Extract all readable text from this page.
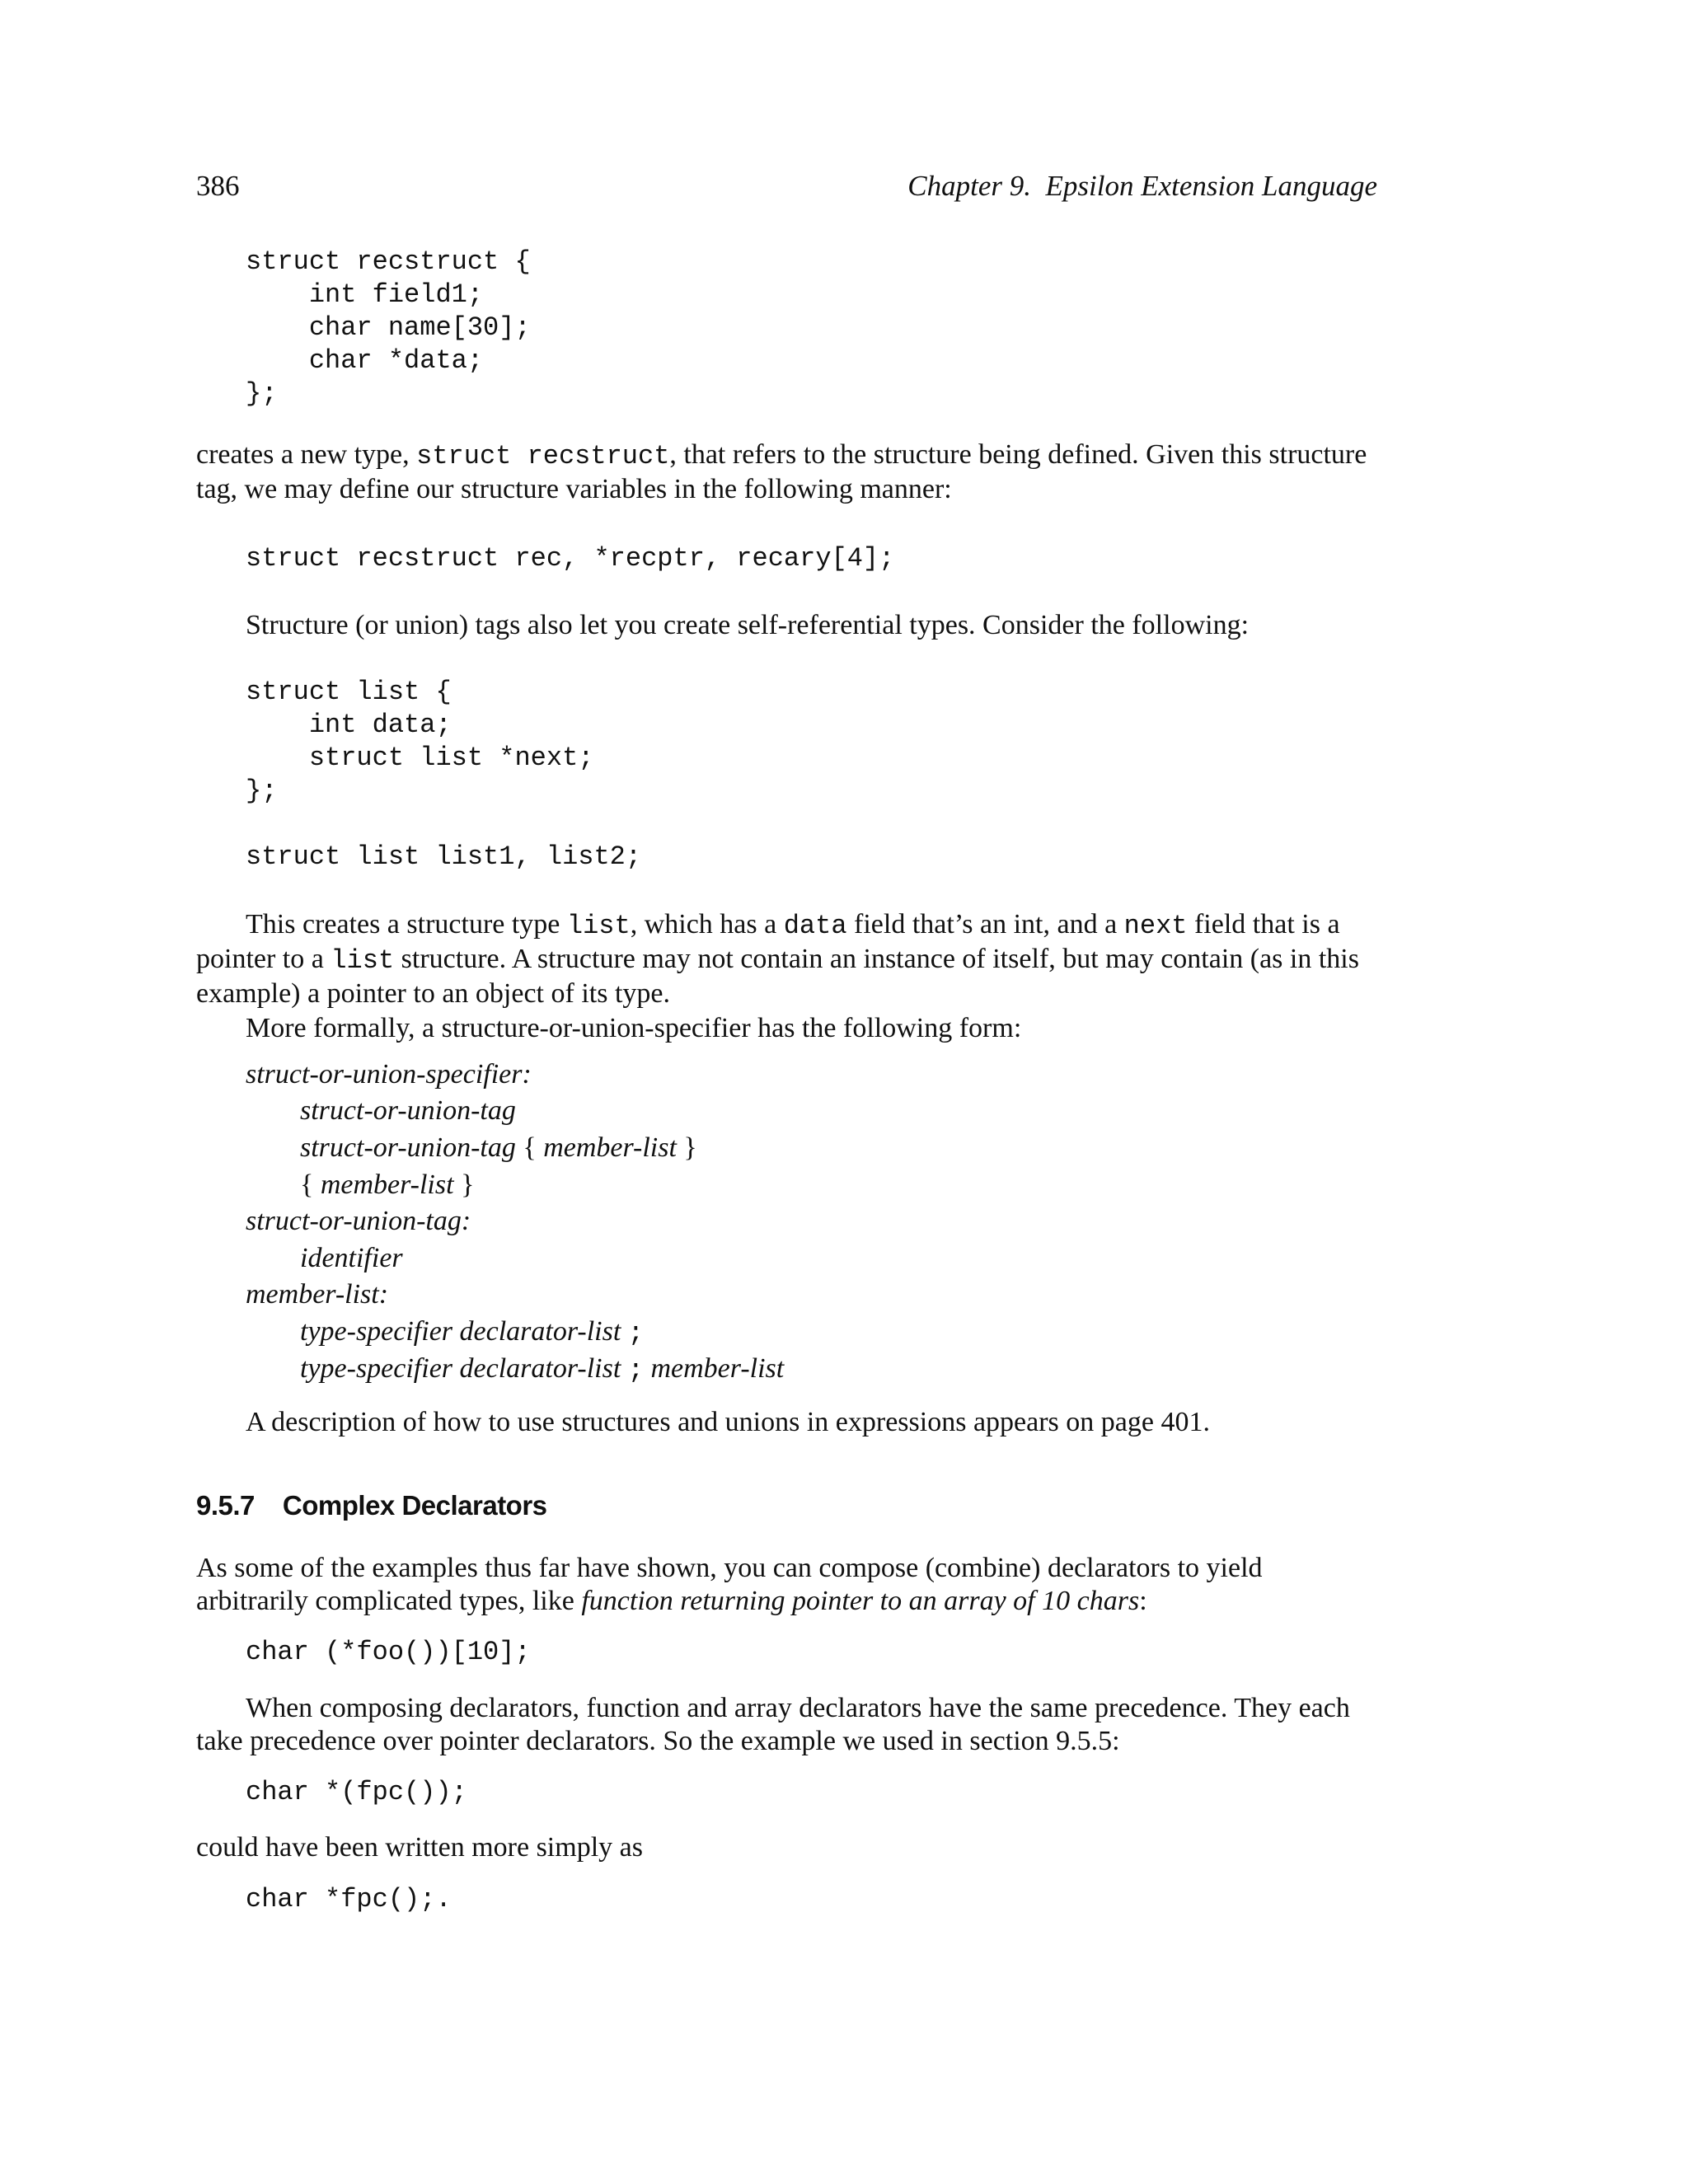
386	Chapter 9.  Epsilon Extension Language
struct recstruct {
int field1;
char name[30];
char *data;
};

creates a new type, struct recstruct, that refers to the structure being defined. Given this structure tag, we may define our structure variables in the following manner:

struct recstruct rec, *recptr, recary[4];

Structure (or union) tags also let you create self-referential types. Consider the following:

struct list {
int data;
struct list *next;
};
struct list list1, list2;

This creates a structure type list, which has a data field that’s an int, and a next field that is a pointer to a list structure. A structure may not contain an instance of itself, but may contain (as in this example) a pointer to an object of its type.

More formally, a structure-or-union-specifier has the following form:

struct-or-union-specifier:
struct-or-union-tag
struct-or-union-tag { member-list }
{ member-list }
struct-or-union-tag:
identifier
member-list:
type-specifier declarator-list ;
type-specifier declarator-list ; member-list

A description of how to use structures and unions in expressions appears on page 401.

9.5.7 Complex Declarators

As some of the examples thus far have shown, you can compose (combine) declarators to yield arbitrarily complicated types, like function returning pointer to an array of 10 chars:

char (*foo())[10];

When composing declarators, function and array declarators have the same precedence. They each take precedence over pointer declarators. So the example we used in section 9.5.5:

char *(fpc());

could have been written more simply as

char *fpc();.
